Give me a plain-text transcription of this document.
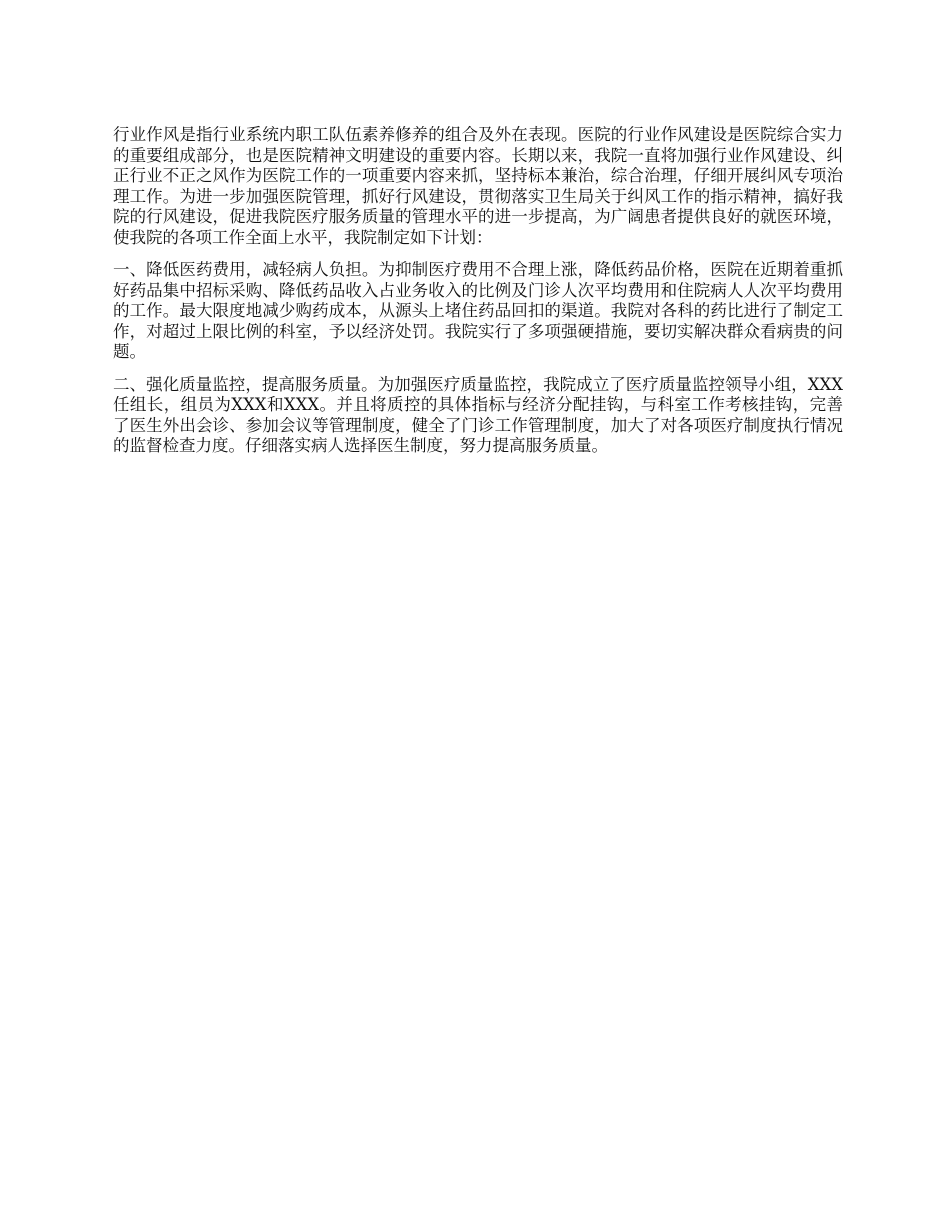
行业作风是指行业系统内职工队伍素养修养的组合及外在表现。医院的行业作风建设是医院综合实力的重要组成部分，也是医院精神文明建设的重要内容。长期以来，我院一直将加强行业作风建设、纠正行业不正之风作为医院工作的一项重要内容来抓，坚持标本兼治，综合治理，仔细开展纠风专项治理工作。为进一步加强医院管理，抓好行风建设，贯彻落实卫生局关于纠风工作的指示精神，搞好我院的行风建设，促进我院医疗服务质量的管理水平的进一步提高，为广阔患者提供良好的就医环境，使我院的各项工作全面上水平，我院制定如下计划：

一、降低医药费用，减轻病人负担。为抑制医疗费用不合理上涨，降低药品价格，医院在近期着重抓好药品集中招标采购、降低药品收入占业务收入的比例及门诊人次平均费用和住院病人人次平均费用的工作。最大限度地减少购药成本，从源头上堵住药品回扣的渠道。我院对各科的药比进行了制定工作，对超过上限比例的科室，予以经济处罚。我院实行了多项强硬措施，要切实解决群众看病贵的问题。

二、强化质量监控，提高服务质量。为加强医疗质量监控，我院成立了医疗质量监控领导小组，XXX任组长，组员为XXX和XXX。并且将质控的具体指标与经济分配挂钩，与科室工作考核挂钩，完善了医生外出会诊、参加会议等管理制度，健全了门诊工作管理制度，加大了对各项医疗制度执行情况的监督检查力度。仔细落实病人选择医生制度，努力提高服务质量。
